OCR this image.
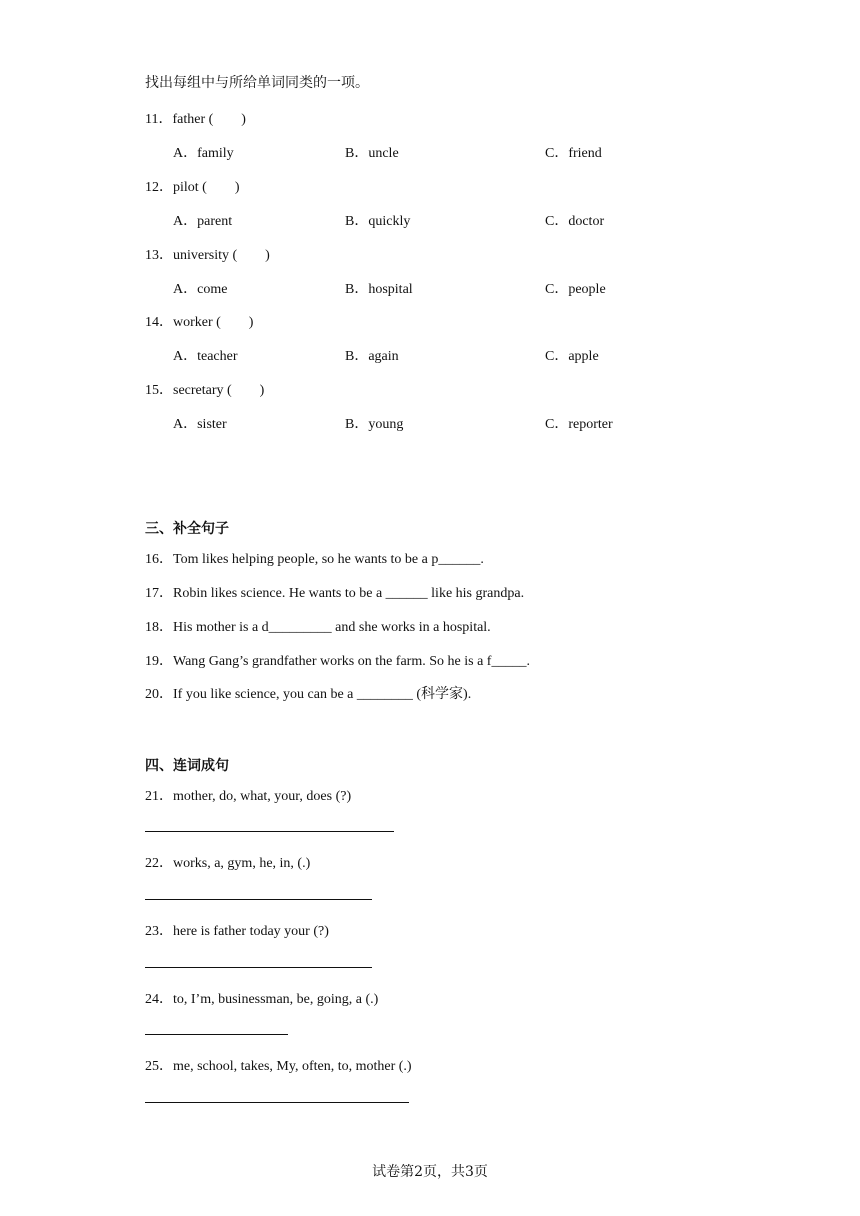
找出每组中与所给单词同类的一项。
11．father (　　)
A．family	B．uncle	C．friend
12．pilot (　　)
A．parent	B．quickly	C．doctor
13．university (　　)
A．come	B．hospital	C．people
14．worker (　　)
A．teacher	B．again	C．apple
15．secretary (　　)
A．sister	B．young	C．reporter
三、补全句子
16．Tom likes helping people, so he wants to be a p______.
17．Robin likes science. He wants to be a ______ like his grandpa.
18．His mother is a d_________ and she works in a hospital.
19．Wang Gang’s grandfather works on the farm. So he is a f_____.
20．If you like science, you can be a ________ (科学家).
四、连词成句
21．mother, do, what, your, does (?)
22．works, a, gym, he, in, (.)
23．here is father today your (?)
24．to, I’m, businessman, be, going, a (.)
25．me, school, takes, My, often, to, mother (.)
试卷第2页，共3页
